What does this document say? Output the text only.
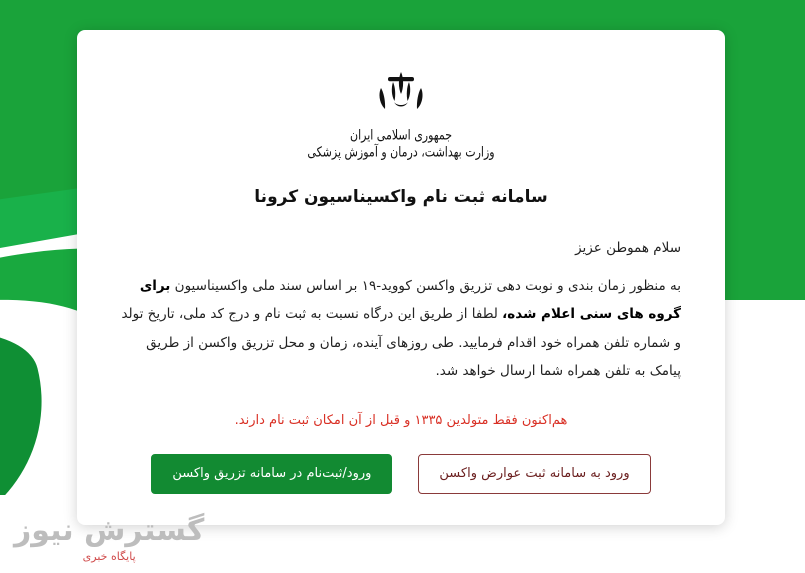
جمهوری اسلامی ایران
وزارت بهداشت، درمان و آموزش پزشکی
سامانه ثبت نام واکسیناسیون کرونا
سلام هموطن عزیز
به منظور زمان بندی و نوبت دهی تزریق واکسن کووید-۱۹ بر اساس سند ملی واکسیناسیون برای گروه های سنی اعلام شده، لطفا از طریق این درگاه نسبت به ثبت نام و درج کد ملی، تاریخ تولد و شماره تلفن همراه خود اقدام فرمایید. طی روزهای آینده، زمان و محل تزریق واکسن از طریق پیامک به تلفن همراه شما ارسال خواهد شد.
هم‌اکنون فقط متولدین ۱۳۳۵ و قبل از آن امکان ثبت نام دارند.
ورود/ثبت‌نام در سامانه تزریق واکسن	ورود به سامانه ثبت عوارض واکسن
گسترش نیوز
پایگاه خبری
